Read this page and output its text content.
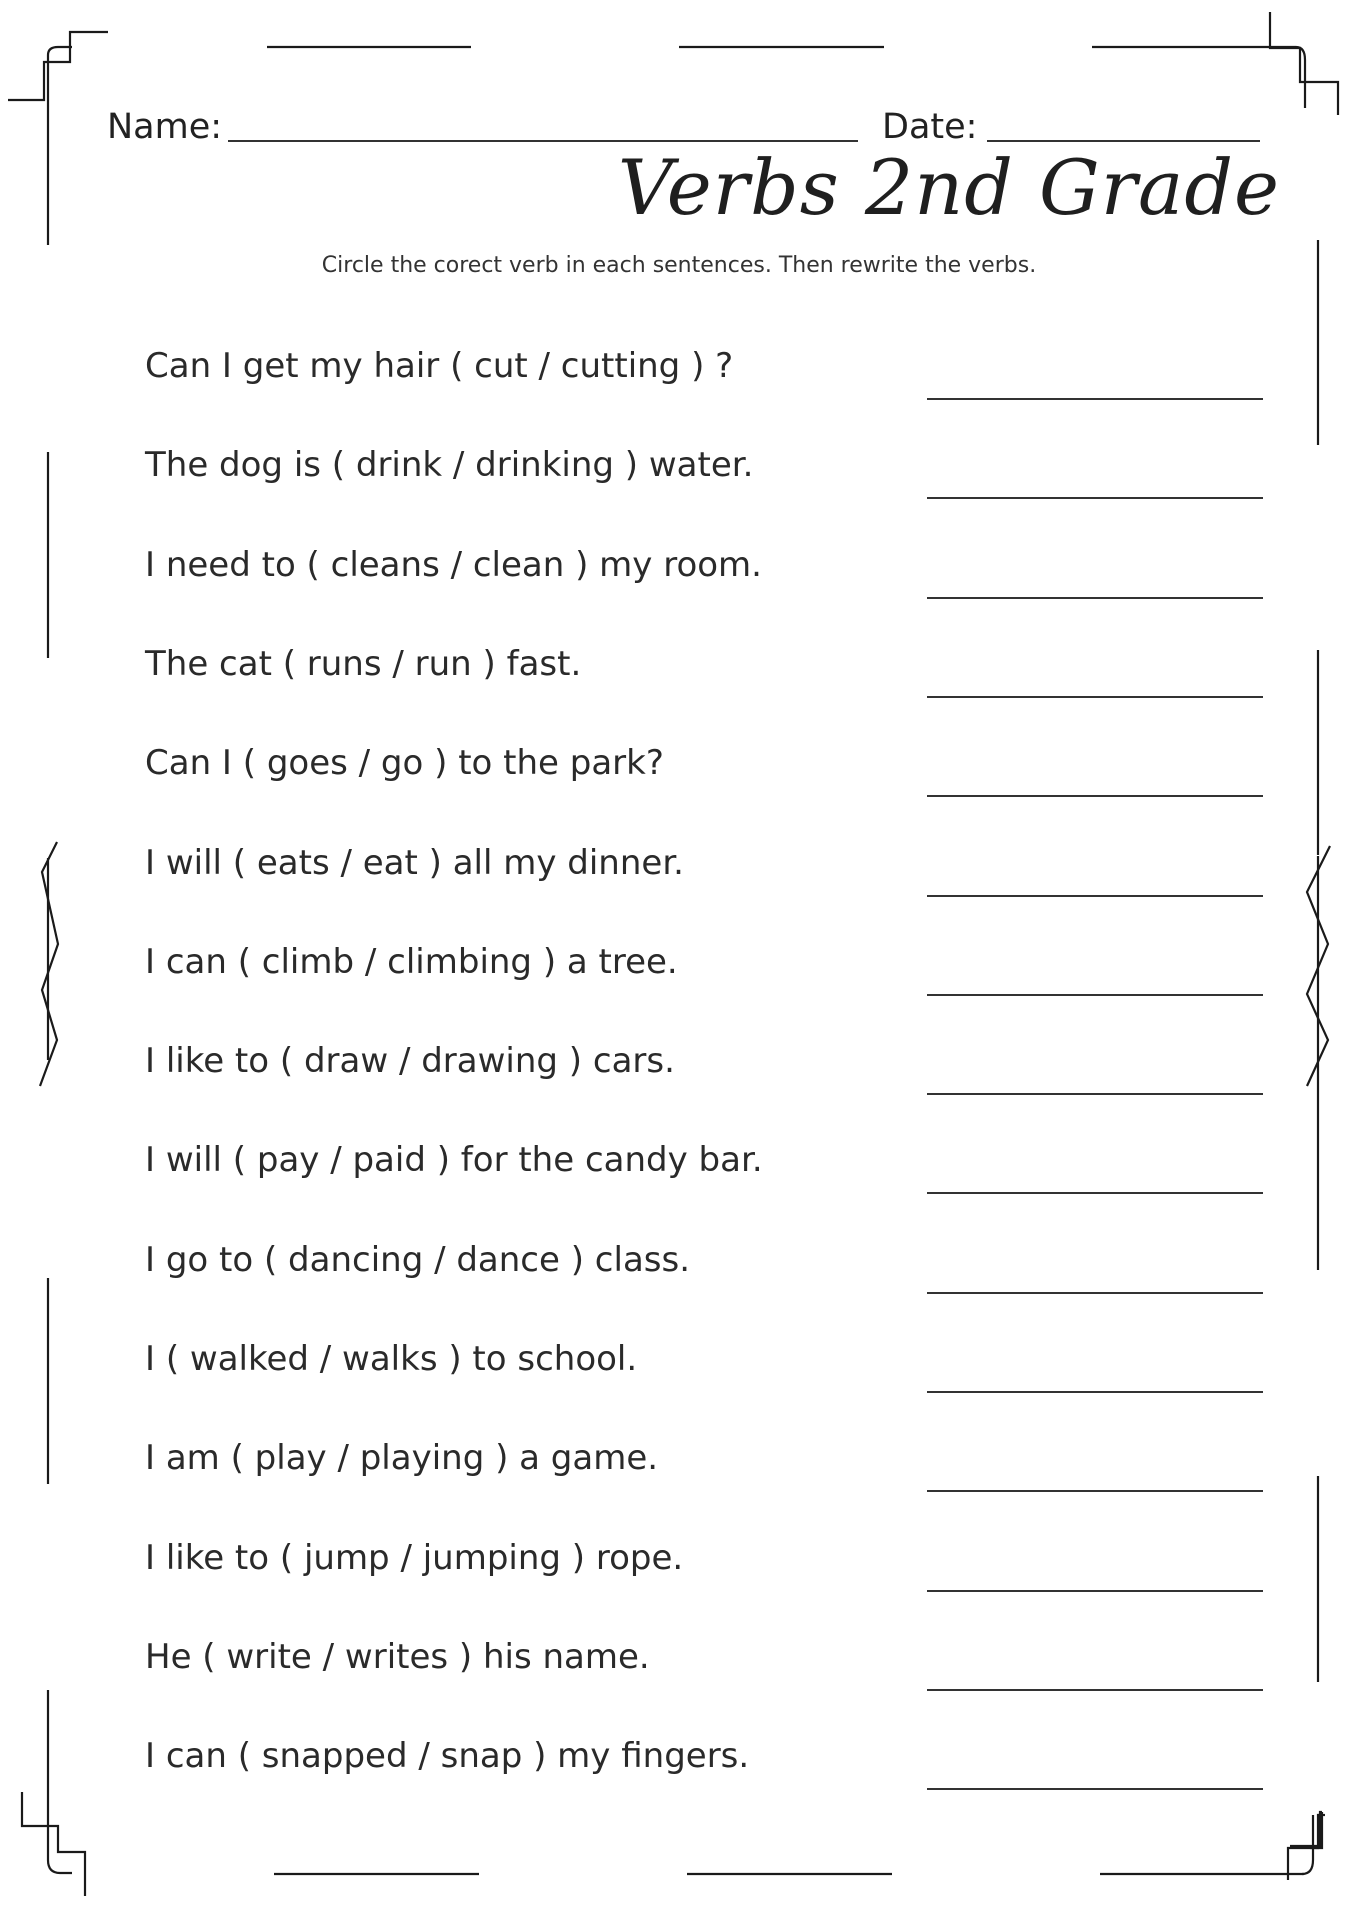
Name:	Date:
Verbs 2nd Grade
Circle the corect verb in each sentences. Then rewrite the verbs.
Can I get my hair ( cut / cutting ) ?
The dog is ( drink / drinking ) water.
I need to ( cleans / clean ) my room.
The cat ( runs / run ) fast.
Can I ( goes / go ) to the park?
I will ( eats / eat ) all my dinner.
I can ( climb / climbing ) a tree.
I like to ( draw / drawing ) cars.
I will ( pay / paid ) for the candy bar.
I go to ( dancing / dance ) class.
I ( walked / walks ) to school.
I am ( play / playing ) a game.
I like to ( jump / jumping ) rope.
He ( write / writes ) his name.
I can ( snapped / snap ) my fingers.
